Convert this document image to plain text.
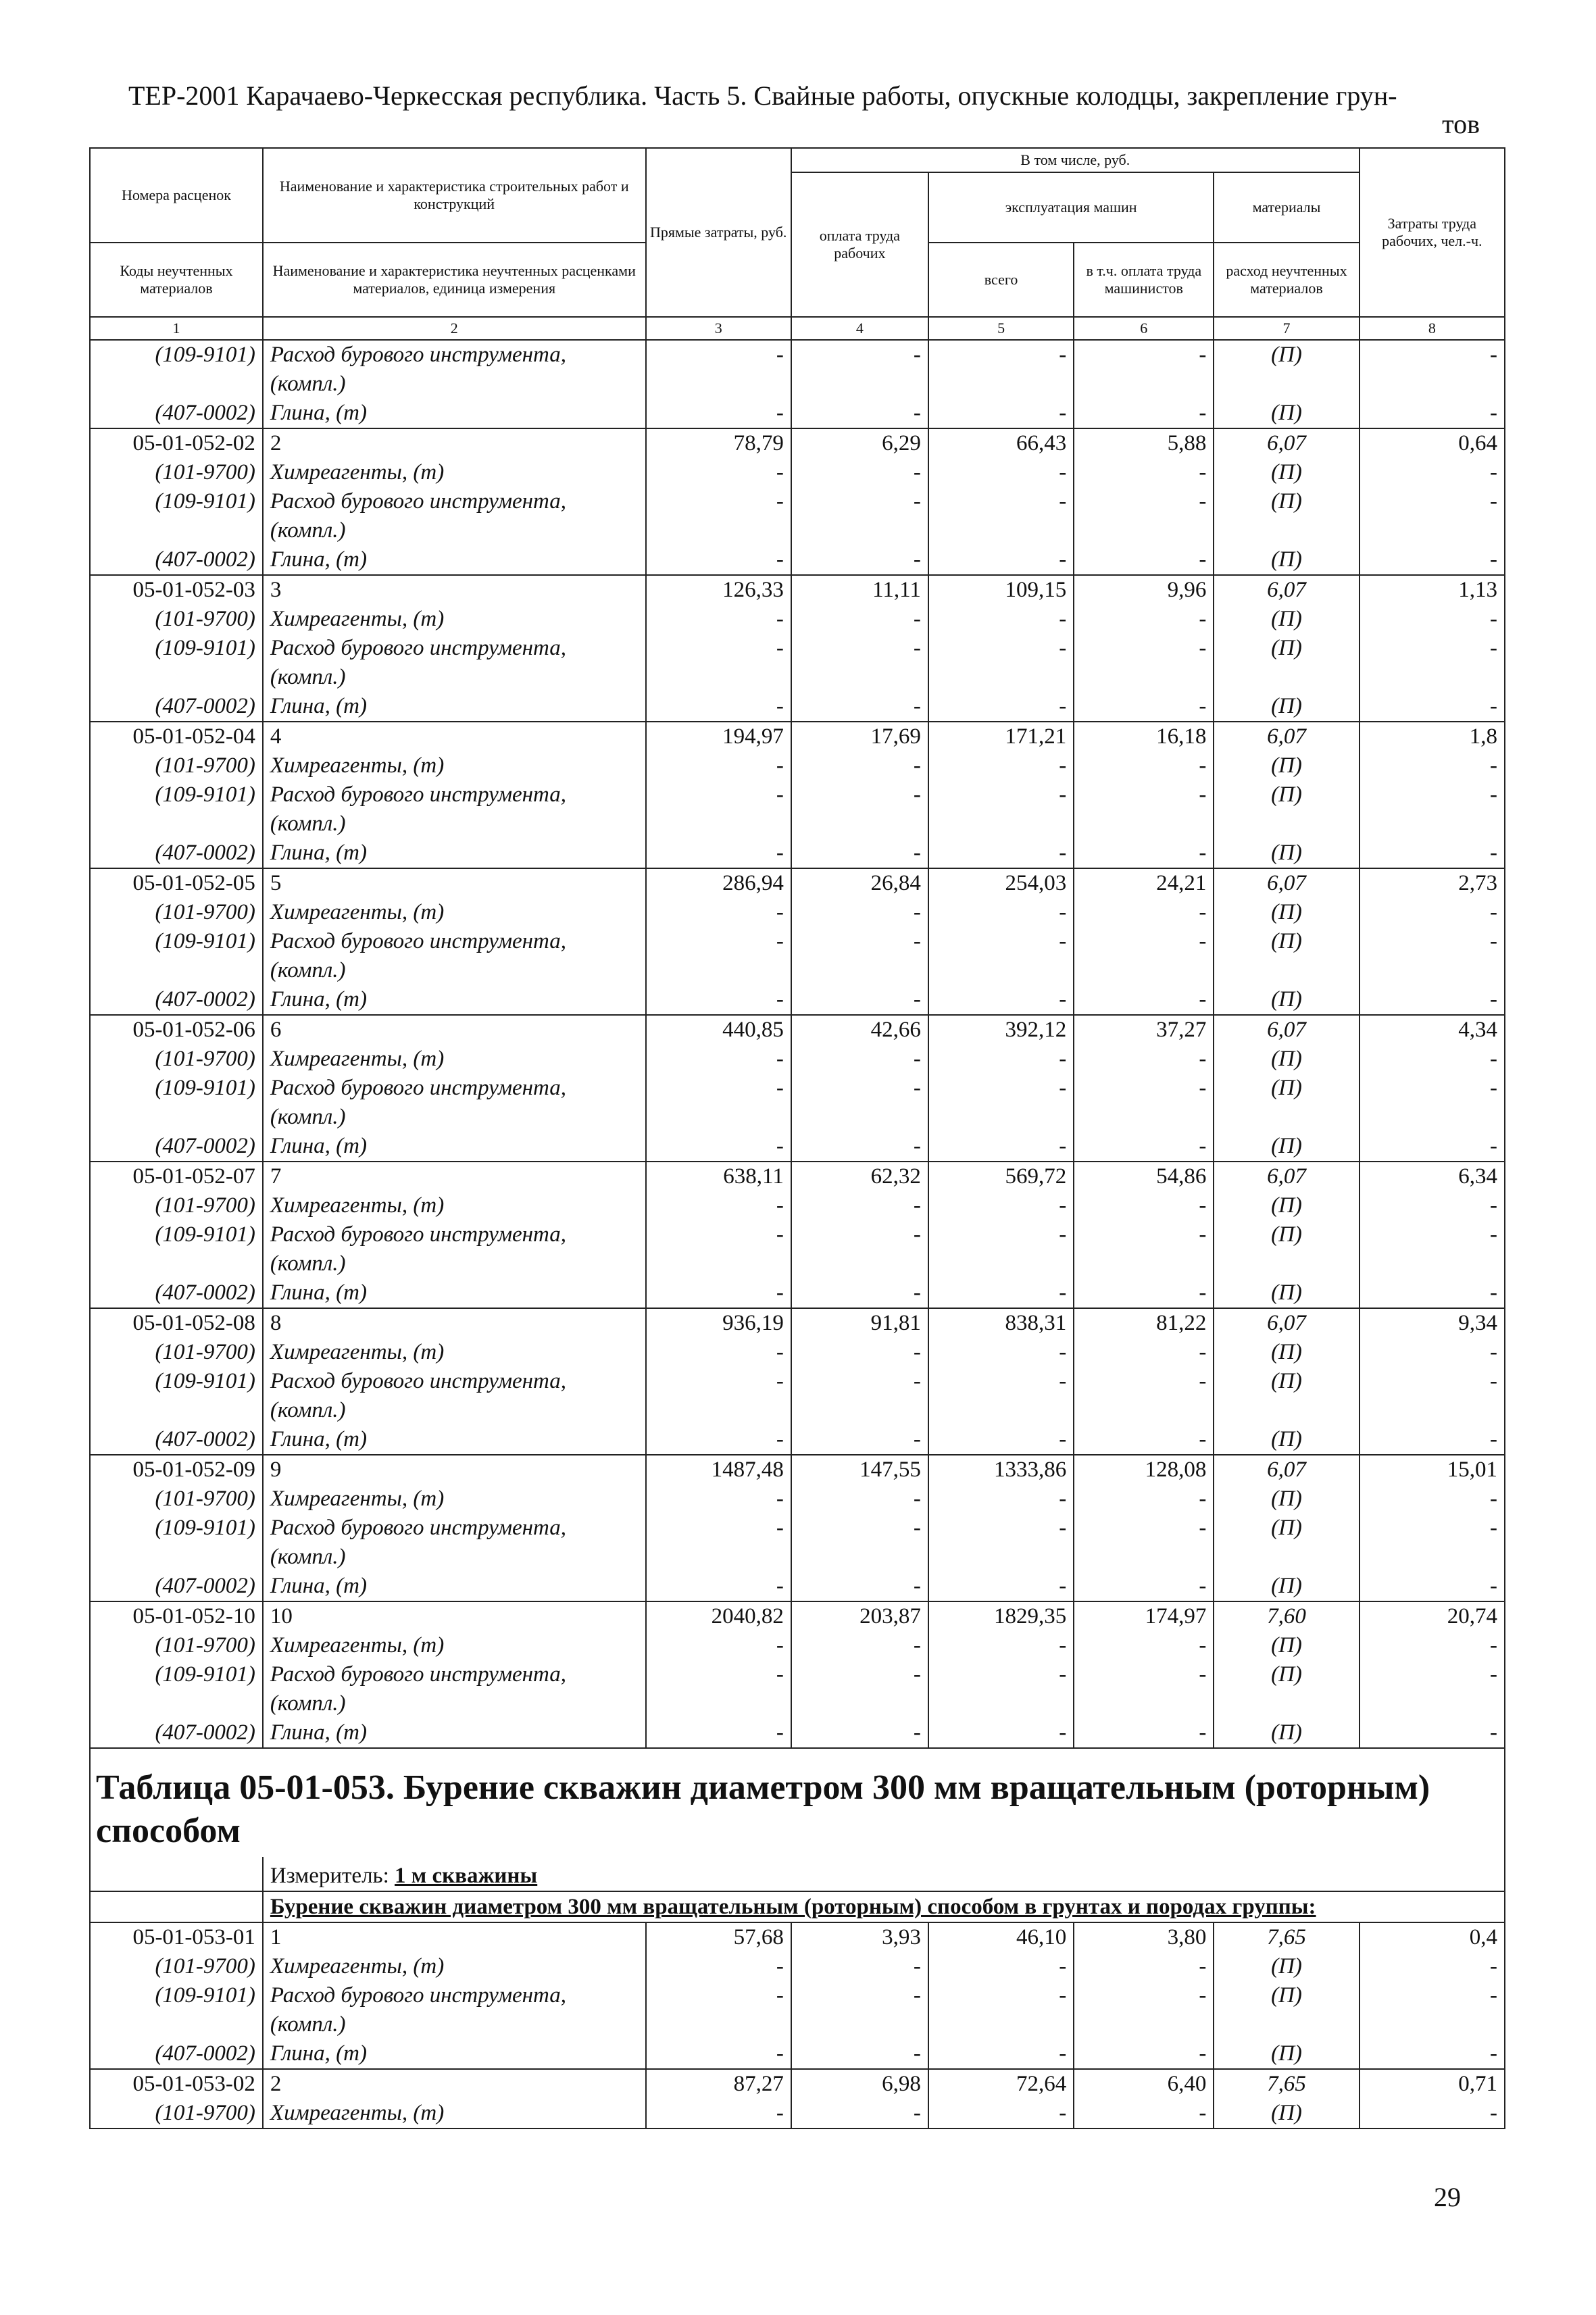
ТЕР-2001 Карачаево-Черкесская республика. Часть 5. Свайные работы, опускные колодцы, закрепление грун-
тов
Номера расценок	Наименование и характеристика строительных работ и конструкций	Прямые затраты, руб.	В том числе, руб.				Затраты труда рабочих, чел.-ч.
			оплата труда рабочих	эксплуатация машин		материалы	
Коды неучтенных материалов	Наименование и характеристика неучтенных расценками материалов, единица измерения			всего	в т.ч. оплата труда машинистов	расход неучтенных материалов	
1	2	3	4	5	6	7	8
(109-9101)	Расход бурового инструмента,	-	-	-	-	(П)	-
	(компл.)						
(407-0002)	Глина, (т)	-	-	-	-	(П)	-
05-01-052-02	2	78,79	6,29	66,43	5,88	6,07	0,64
(101-9700)	Химреагенты, (т)	-	-	-	-	(П)	-
(109-9101)	Расход бурового инструмента,	-	-	-	-	(П)	-
	(компл.)						
(407-0002)	Глина, (т)	-	-	-	-	(П)	-
05-01-052-03	3	126,33	11,11	109,15	9,96	6,07	1,13
(101-9700)	Химреагенты, (т)	-	-	-	-	(П)	-
(109-9101)	Расход бурового инструмента,	-	-	-	-	(П)	-
	(компл.)						
(407-0002)	Глина, (т)	-	-	-	-	(П)	-
05-01-052-04	4	194,97	17,69	171,21	16,18	6,07	1,8
(101-9700)	Химреагенты, (т)	-	-	-	-	(П)	-
(109-9101)	Расход бурового инструмента,	-	-	-	-	(П)	-
	(компл.)						
(407-0002)	Глина, (т)	-	-	-	-	(П)	-
05-01-052-05	5	286,94	26,84	254,03	24,21	6,07	2,73
(101-9700)	Химреагенты, (т)	-	-	-	-	(П)	-
(109-9101)	Расход бурового инструмента,	-	-	-	-	(П)	-
	(компл.)						
(407-0002)	Глина, (т)	-	-	-	-	(П)	-
05-01-052-06	6	440,85	42,66	392,12	37,27	6,07	4,34
(101-9700)	Химреагенты, (т)	-	-	-	-	(П)	-
(109-9101)	Расход бурового инструмента,	-	-	-	-	(П)	-
	(компл.)						
(407-0002)	Глина, (т)	-	-	-	-	(П)	-
05-01-052-07	7	638,11	62,32	569,72	54,86	6,07	6,34
(101-9700)	Химреагенты, (т)	-	-	-	-	(П)	-
(109-9101)	Расход бурового инструмента,	-	-	-	-	(П)	-
	(компл.)						
(407-0002)	Глина, (т)	-	-	-	-	(П)	-
05-01-052-08	8	936,19	91,81	838,31	81,22	6,07	9,34
(101-9700)	Химреагенты, (т)	-	-	-	-	(П)	-
(109-9101)	Расход бурового инструмента,	-	-	-	-	(П)	-
	(компл.)						
(407-0002)	Глина, (т)	-	-	-	-	(П)	-
05-01-052-09	9	1487,48	147,55	1333,86	128,08	6,07	15,01
(101-9700)	Химреагенты, (т)	-	-	-	-	(П)	-
(109-9101)	Расход бурового инструмента,	-	-	-	-	(П)	-
	(компл.)						
(407-0002)	Глина, (т)	-	-	-	-	(П)	-
05-01-052-10	10	2040,82	203,87	1829,35	174,97	7,60	20,74
(101-9700)	Химреагенты, (т)	-	-	-	-	(П)	-
(109-9101)	Расход бурового инструмента,	-	-	-	-	(П)	-
	(компл.)						
(407-0002)	Глина, (т)	-	-	-	-	(П)	-

Таблица 05-01-053. Бурение скважин диаметром 300 мм вращательным (роторным) способом							

	Измеритель: 1 м скважины						
	Бурение скважин диаметром 300 мм вращательным (роторным) способом в грунтах и породах группы:						
05-01-053-01	1	57,68	3,93	46,10	3,80	7,65	0,4
(101-9700)	Химреагенты, (т)	-	-	-	-	(П)	-
(109-9101)	Расход бурового инструмента,	-	-	-	-	(П)	-
	(компл.)						
(407-0002)	Глина, (т)	-	-	-	-	(П)	-
05-01-053-02	2	87,27	6,98	72,64	6,40	7,65	0,71
(101-9700)	Химреагенты, (т)	-	-	-	-	(П)	-
29
